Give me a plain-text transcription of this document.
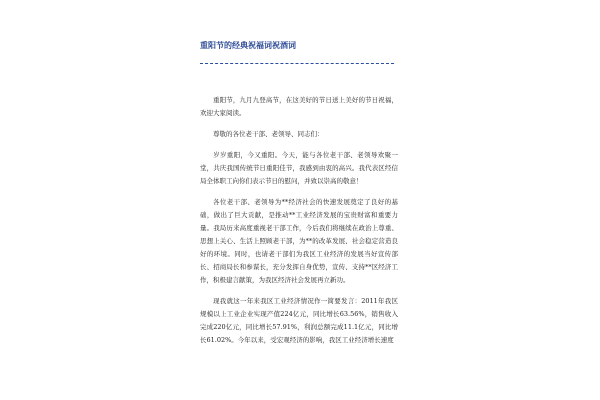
重阳节的经典祝福词祝酒词

重阳节，九月九登高节，在这美好的节日送上美好的节日祝福，欢迎大家阅读。

尊敬的各位老干部、老领导、同志们：

岁岁重阳，今又重阳。今天，能与各位老干部、老领导欢聚一堂，共庆我国传统节日重阳佳节，我感到由衷的高兴。我代表区经信局全体职工向你们表示节日的慰问，并致以崇高的敬意！

各位老干部、老领导为**经济社会的快速发展奠定了良好的基础，做出了巨大贡献，是推动**工业经济发展的宝贵财富和重要力量。我局历来高度重视老干部工作，今后我们将继续在政治上尊重、思想上关心、生活上照顾老干部，为**的改革发展、社会稳定营造良好的环境。同时，也请老干部们为我区工业经济的发展当好宣传部长、招商局长和参谋长，充分发挥自身优势，宣传、支持**区经济工作，积极建言献策，为我区经济社会发展再立新功。

现我就这一年来我区工业经济情况作一简要发言：2011年我区规模以上工业企业实现产值224亿元，同比增长63.56%，销售收入完成220亿元，同比增长57.91%，利润总额完成11.1亿元，同比增长61.02%。今年以来，受宏观经济的影响，我区工业经济增长速度
